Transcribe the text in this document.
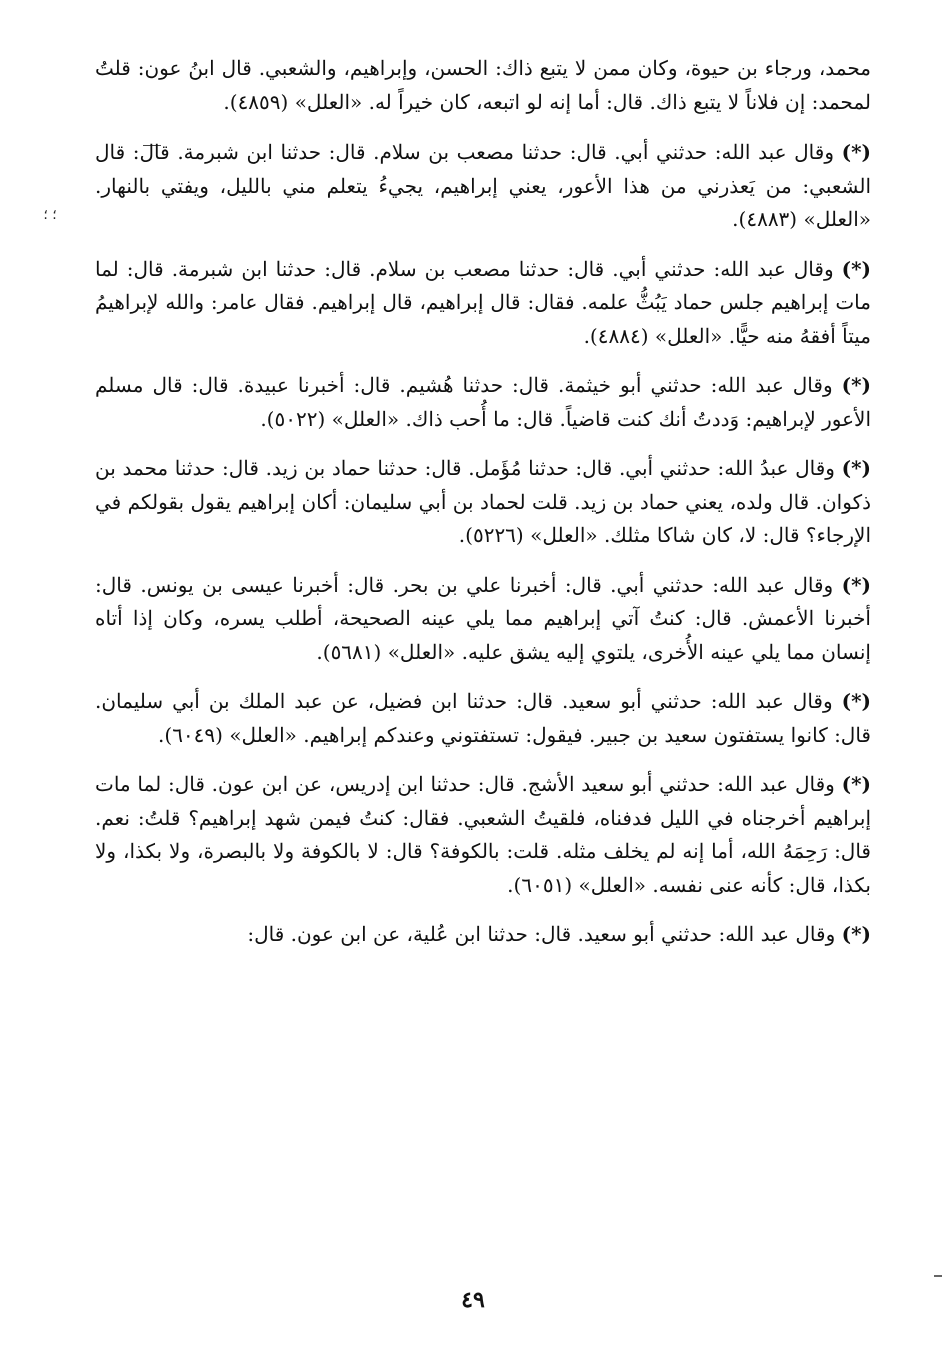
؛ ؛

محمد، ورجاء بن حيوة، وكان ممن لا يتبع ذاك: الحسن، وإبراهيم، والشعبي. قال ابنُ عون: قلتُ لمحمد: إن فلاناً لا يتبع ذاك. قال: أما إنه لو اتبعه، كان خيراً له. «العلل» (٤٨٥٩).

(*) وقال عبد الله: حدثني أبي. قال: حدثنا مصعب بن سلام. قال: حدثنا ابن شبرمة. قال: قال الشعبي: من يَعذرني من هذا الأعور، يعني إبراهيم، يجيءُ يتعلم مني بالليل، ويفتي بالنهار. «العلل» (٤٨٨٣).

(*) وقال عبد الله: حدثني أبي. قال: حدثنا مصعب بن سلام. قال: حدثنا ابن شبرمة. قال: لما مات إبراهيم جلس حماد يَبُثُّ علمه. فقال: قال إبراهيم، قال إبراهيم. فقال عامر: والله لإبراهيمُ ميتاً أفقهُ منه حيًّا. «العلل» (٤٨٨٤).

(*) وقال عبد الله: حدثني أبو خيثمة. قال: حدثنا هُشيم. قال: أخبرنا عبيدة. قال: قال مسلم الأعور لإبراهيم: وَددتُ أنك كنت قاضياً. قال: ما أُحب ذاك. «العلل» (٥٠٢٢).

(*) وقال عبدُ الله: حدثني أبي. قال: حدثنا مُؤَمل. قال: حدثنا حماد بن زيد. قال: حدثنا محمد بن ذكوان. قال ولده، يعني حماد بن زيد. قلت لحماد بن أبي سليمان: أكان إبراهيم يقول بقولكم في الإرجاء؟ قال: لا، كان شاكا مثلك. «العلل» (٥٢٢٦).

(*) وقال عبد الله: حدثني أبي. قال: أخبرنا علي بن بحر. قال: أخبرنا عيسى بن يونس. قال: أخبرنا الأعمش. قال: كنتُ آتي إبراهيم مما يلي عينه الصحيحة، أطلب يسره، وكان إذا أتاه إنسان مما يلي عينه الأُخرى، يلتوي إليه يشق عليه. «العلل» (٥٦٨١).

(*) وقال عبد الله: حدثني أبو سعيد. قال: حدثنا ابن فضيل، عن عبد الملك بن أبي سليمان. قال: كانوا يستفتون سعيد بن جبير. فيقول: تستفتوني وعندكم إبراهيم. «العلل» (٦٠٤٩).

(*) وقال عبد الله: حدثني أبو سعيد الأشج. قال: حدثنا ابن إدريس، عن ابن عون. قال: لما مات إبراهيم أخرجناه في الليل فدفناه، فلقيتُ الشعبي. فقال: كنتُ فيمن شهد إبراهيم؟ قلتُ: نعم. قال: رَحِمَهُ الله، أما إنه لم يخلف مثله. قلت: بالكوفة؟ قال: لا بالكوفة ولا بالبصرة، ولا بكذا، ولا بكذا، قال: كأنه عنى نفسه. «العلل» (٦٠٥١).

(*) وقال عبد الله: حدثني أبو سعيد. قال: حدثنا ابن عُلية، عن ابن عون. قال:

٤٩
